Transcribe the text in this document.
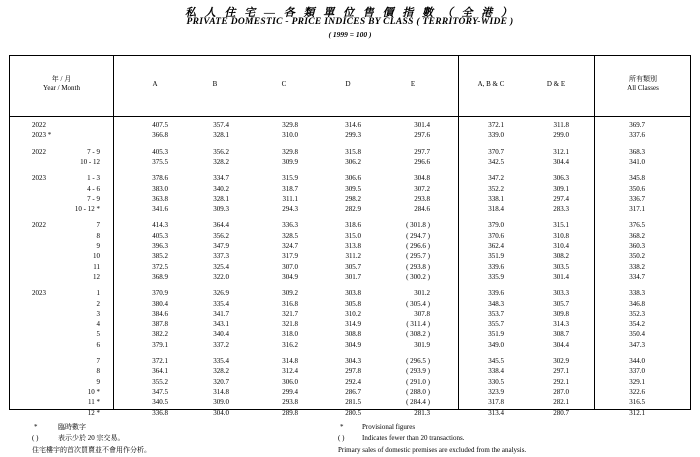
私 人 住 宅 — 各 類 單 位 售 價 指 數 （ 全 港 ）
PRIVATE DOMESTIC - PRICE INDICES BY CLASS ( TERRITORY-WIDE )
( 1999 = 100 )
年 / 月
Year / Month
所有類別
All Classes
A	B	C	D	E	A, B & C	D & E
2022	407.5	357.4	329.8	314.6	301.4	372.1	311.8	369.7
2023 *	366.8	328.1	310.0	299.3	297.6	339.0	299.0	337.6
2022	7 - 9	405.3	356.2	329.8	315.8	297.7	370.7	312.1	368.3
10 - 12	375.5	328.2	309.9	306.2	296.6	342.5	304.4	341.0
2023	1 - 3	378.6	334.7	315.9	306.6	304.8	347.2	306.3	345.8
4 - 6	383.0	340.2	318.7	309.5	307.2	352.2	309.1	350.6
7 - 9	363.8	328.1	311.1	298.2	293.8	338.1	297.4	336.7
10 - 12 *	341.6	309.3	294.3	282.9	284.6	318.4	283.3	317.1
2022	7	414.3	364.4	336.3	318.6	( 301.8 )	379.0	315.1	376.5
8	405.3	356.2	328.5	315.0	( 294.7 )	370.6	310.8	368.2
9	396.3	347.9	324.7	313.8	( 296.6 )	362.4	310.4	360.3
10	385.2	337.3	317.9	311.2	( 295.7 )	351.9	308.2	350.2
11	372.5	325.4	307.0	305.7	( 293.8 )	339.6	303.5	338.2
12	368.9	322.0	304.9	301.7	( 300.2 )	335.9	301.4	334.7
2023	1	370.9	326.9	309.2	303.8	301.2	339.6	303.3	338.3
2	380.4	335.4	316.8	305.8	( 305.4 )	348.3	305.7	346.8
3	384.6	341.7	321.7	310.2	307.8	353.7	309.8	352.3
4	387.8	343.1	321.8	314.9	( 311.4 )	355.7	314.3	354.2
5	382.2	340.4	318.0	308.8	( 308.2 )	351.9	308.7	350.4
6	379.1	337.2	316.2	304.9	301.9	349.0	304.4	347.3
7	372.1	335.4	314.8	304.3	( 296.5 )	345.5	302.9	344.0
8	364.1	328.2	312.4	297.8	( 293.9 )	338.4	297.1	337.0
9	355.2	320.7	306.0	292.4	( 291.0 )	330.5	292.1	329.1
10 *	347.5	314.8	299.4	286.7	( 288.0 )	323.9	287.0	322.6
11 *	340.5	309.0	293.8	281.5	( 284.4 )	317.8	282.1	316.5
12 *	336.8	304.0	289.8	280.5	281.3	313.4	280.7	312.1
*	臨時數字
( )	表示少於 20 宗交易。
住宅樓宇的首次買賣並不會用作分析。
*	Provisional figures
( )	Indicates fewer than 20 transactions.
Primary sales of domestic premises are excluded from the analysis.
